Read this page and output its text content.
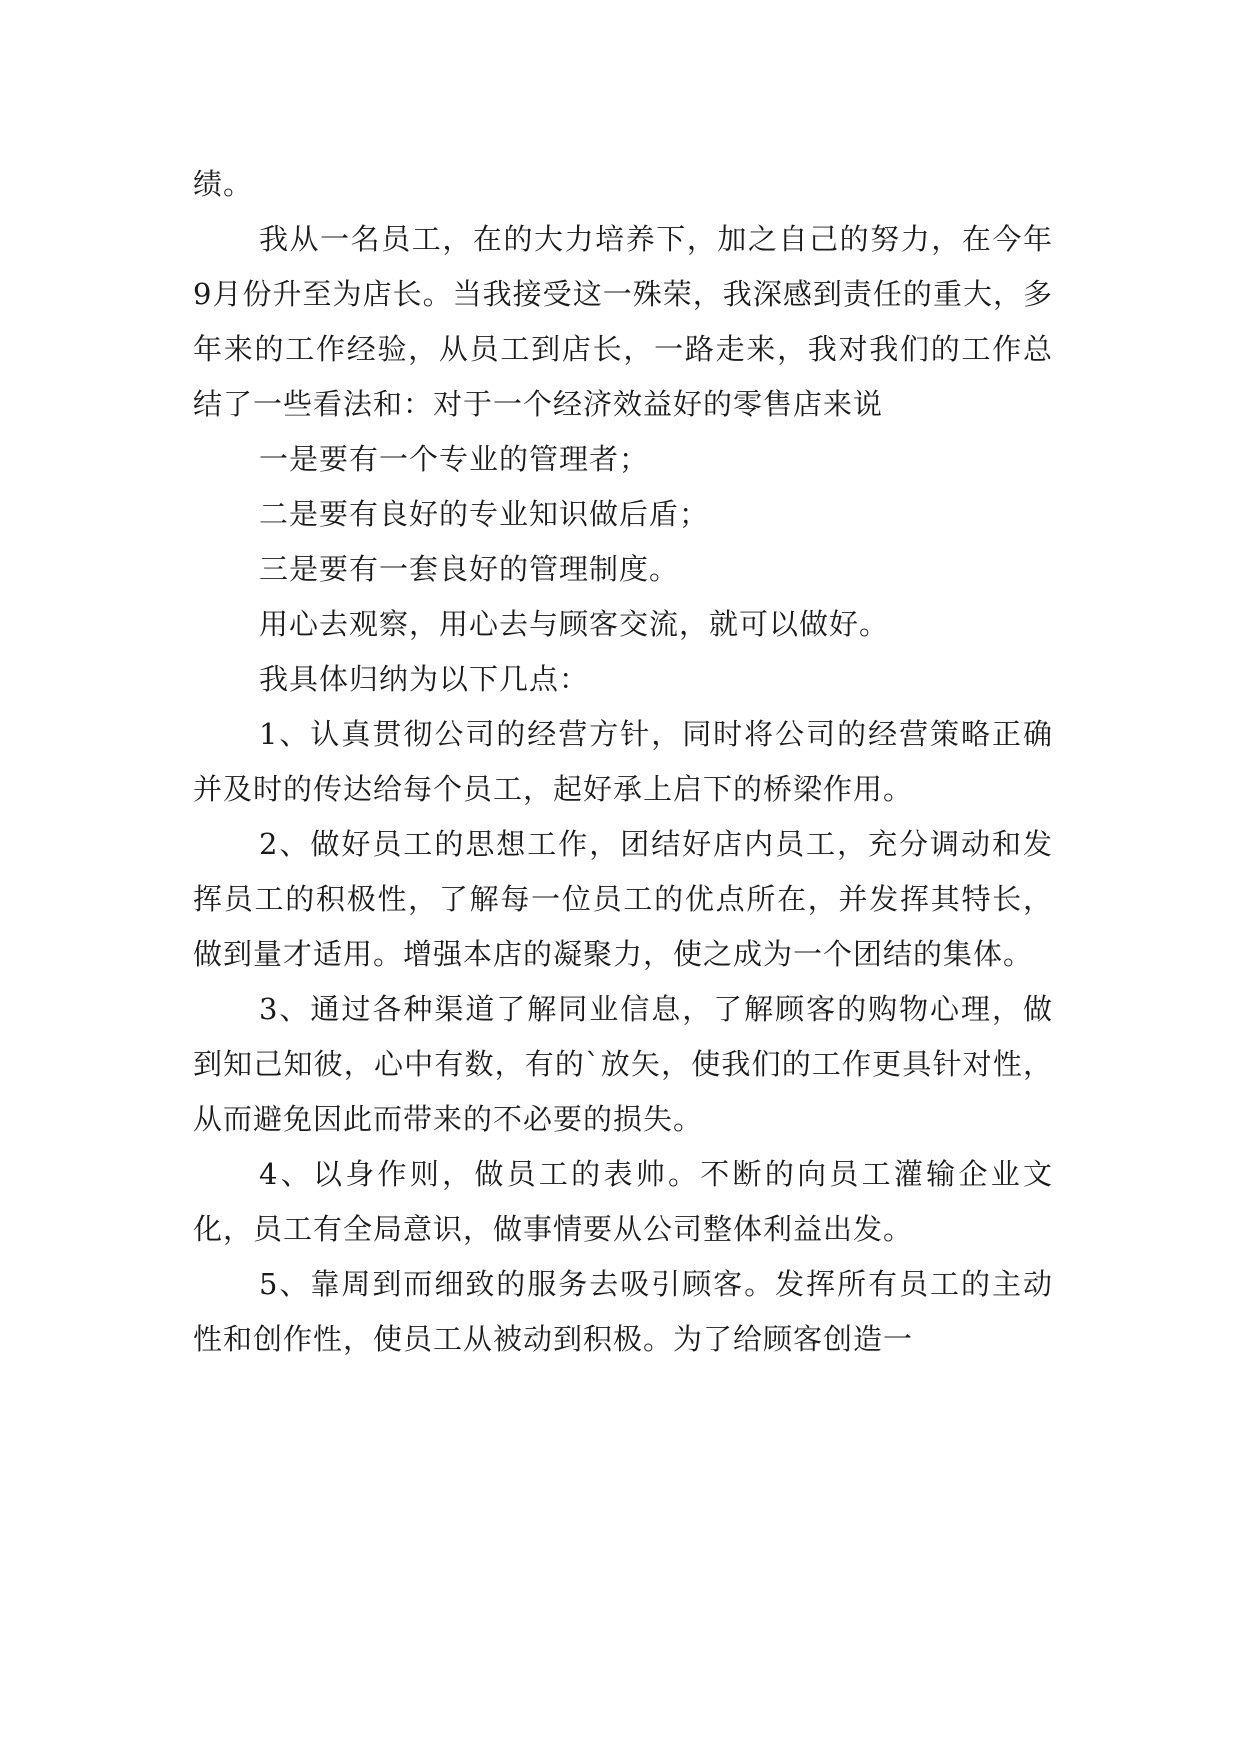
绩。

我从一名员工，在的大力培养下，加之自己的努力，在今年9月份升至为店长。当我接受这一殊荣，我深感到责任的重大，多年来的工作经验，从员工到店长，一路走来，我对我们的工作总结了一些看法和：对于一个经济效益好的零售店来说

一是要有一个专业的管理者；

二是要有良好的专业知识做后盾；

三是要有一套良好的管理制度。

用心去观察，用心去与顾客交流，就可以做好。

我具体归纳为以下几点：

1、认真贯彻公司的经营方针，同时将公司的经营策略正确并及时的传达给每个员工，起好承上启下的桥梁作用。

2、做好员工的思想工作，团结好店内员工，充分调动和发挥员工的积极性，了解每一位员工的优点所在，并发挥其特长，做到量才适用。增强本店的凝聚力，使之成为一个团结的集体。

3、通过各种渠道了解同业信息，了解顾客的购物心理，做到知己知彼，心中有数，有的`放矢，使我们的工作更具针对性，从而避免因此而带来的不必要的损失。

4、以身作则，做员工的表帅。不断的向员工灌输企业文化，员工有全局意识，做事情要从公司整体利益出发。

5、靠周到而细致的服务去吸引顾客。发挥所有员工的主动性和创作性，使员工从被动到积极。为了给顾客创造一
